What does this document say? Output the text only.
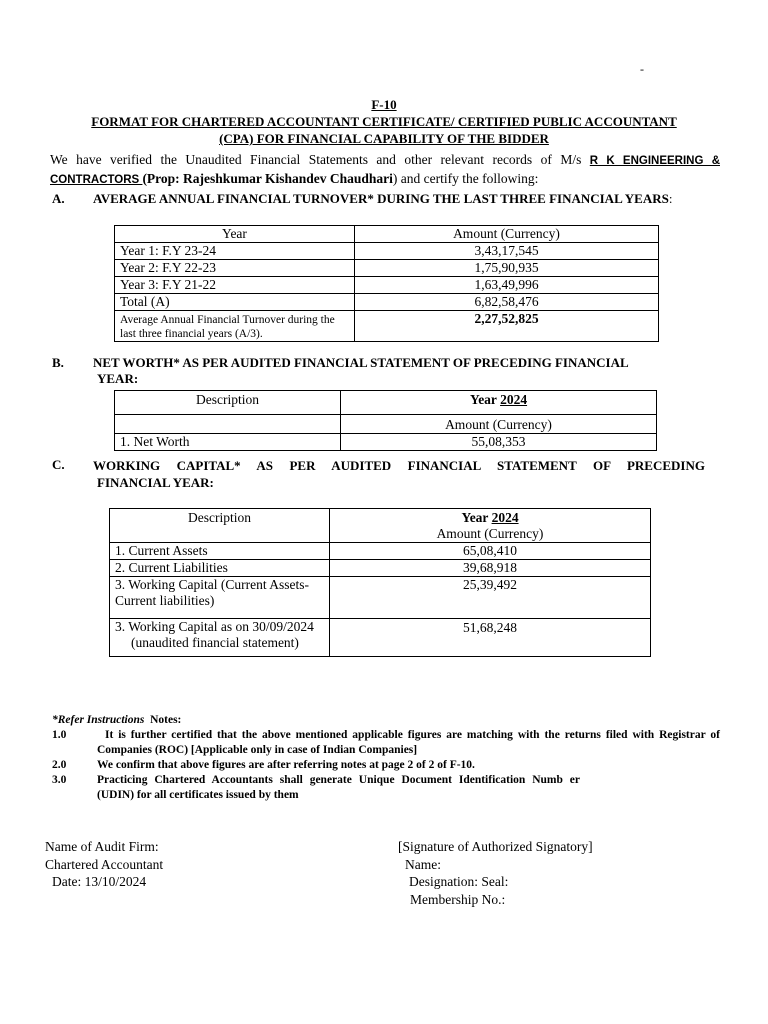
-
F-10
FORMAT FOR CHARTERED ACCOUNTANT CERTIFICATE/ CERTIFIED PUBLIC ACCOUNTANT
(CPA) FOR FINANCIAL CAPABILITY OF THE BIDDER
We have verified the Unaudited Financial Statements and other relevant records of M/s R K ENGINEERING & CONTRACTORS (Prop: Rajeshkumar Kishandev Chaudhari) and certify the following:
A. AVERAGE ANNUAL FINANCIAL TURNOVER* DURING THE LAST THREE FINANCIAL YEARS:
Year	Amount (Currency)
Year 1: F.Y 23-24	3,43,17,545
Year 2: F.Y 22-23	1,75,90,935
Year 3: F.Y 21-22	1,63,49,996
Total (A)	6,82,58,476
Average Annual Financial Turnover during the last three financial years (A/3).	2,27,52,825
B. NET WORTH* AS PER AUDITED FINANCIAL STATEMENT OF PRECEDING FINANCIAL
YEAR:
Description	Year 2024
	Amount (Currency)
1. Net Worth	55,08,353
C. WORKING CAPITAL* AS PER AUDITED FINANCIAL STATEMENT OF PRECEDING
FINANCIAL YEAR:
Description	Year 2024
	Amount (Currency)
1. Current Assets	65,08,410
2. Current Liabilities	39,68,918
3. Working Capital (Current Assets-Current liabilities)	25,39,492

3. Working Capital as on 30/09/2024
(unaudited financial statement)	51,68,248
*Refer Instructions Notes:
1.0	It is further certified that the above mentioned applicable figures are matching with the returns filed with Registrar of Companies (ROC) [Applicable only in case of Indian Companies]
2.0	We confirm that above figures are after referring notes at page 2 of 2 of F-10.
3.0	Practicing Chartered Accountants shall generate Unique Document Identification Numb er (UDIN) for all certificates issued by them
Name of Audit Firm:
Chartered Accountant
Date: 13/10/2024
[Signature of Authorized Signatory]
Name:
Designation: Seal:
Membership No.:
